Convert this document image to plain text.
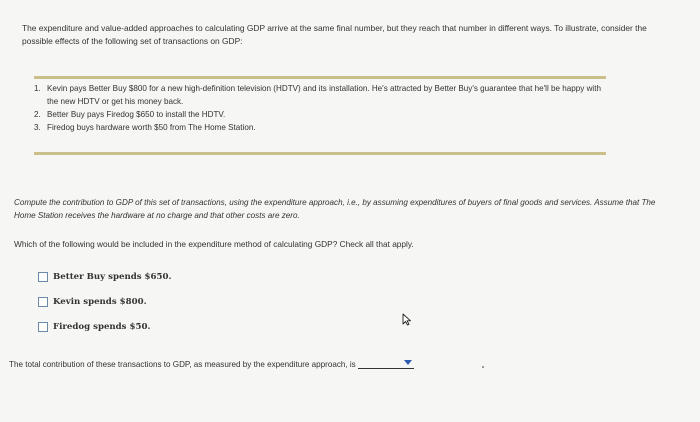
The expenditure and value-added approaches to calculating GDP arrive at the same final number, but they reach that number in different ways. To illustrate, consider the possible effects of the following set of transactions on GDP:
1. Kevin pays Better Buy $800 for a new high-definition television (HDTV) and its installation. He's attracted by Better Buy's guarantee that he'll be happy with the new HDTV or get his money back.
2. Better Buy pays Firedog $650 to install the HDTV.
3. Firedog buys hardware worth $50 from The Home Station.
Compute the contribution to GDP of this set of transactions, using the expenditure approach, i.e., by assuming expenditures of buyers of final goods and services. Assume that The Home Station receives the hardware at no charge and that other costs are zero.
Which of the following would be included in the expenditure method of calculating GDP? Check all that apply.
Better Buy spends $650.
Kevin spends $800.
Firedog spends $50.
The total contribution of these transactions to GDP, as measured by the expenditure approach, is
